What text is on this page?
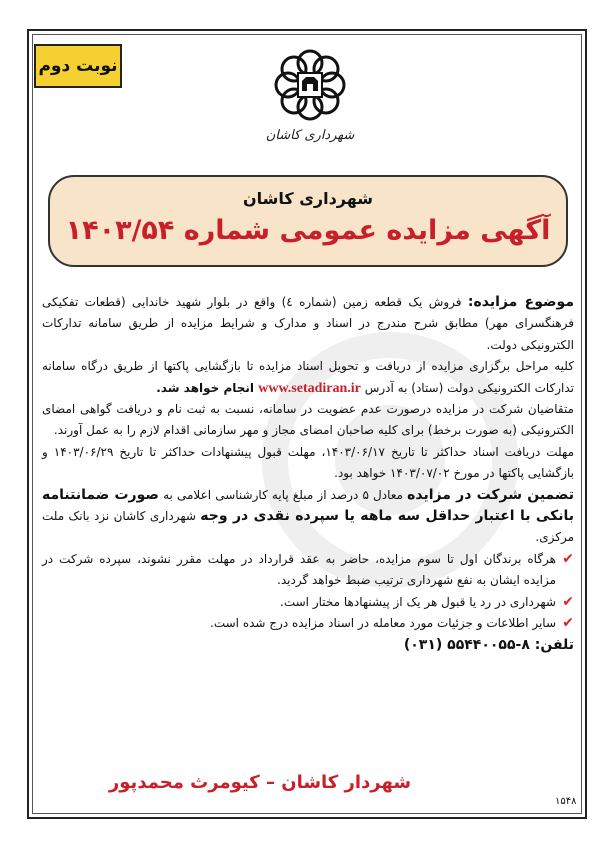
نوبت دوم
شهرداری کاشان
شهرداری کاشان
آگهی مزایده عمومی شماره ۱۴۰۳/۵۴

موضوع مزایده: فروش یک قطعه زمین (شماره ٤) واقع در بلوار شهید خاندایی (قطعات تفکیکی فرهنگسرای مهر) مطابق شرح مندرج در اسناد و مدارک و شرایط مزایده از طریق سامانه تدارکات الکترونیکی دولت.

کلیه مراحل برگزاری مزایده از دریافت و تحویل اسناد مزایده تا بازگشایی پاکتها از طریق درگاه سامانه تدارکات الکترونیکی دولت (ستاد) به آدرس www.setadiran.ir انجام خواهد شد.

متقاضیان شرکت در مزایده درصورت عدم عضویت در سامانه، نسبت به ثبت نام و دریافت گواهی امضای الکترونیکی (به صورت برخط) برای کلیه صاحبان امضای مجاز و مهر سازمانی اقدام لازم را به عمل آورند.

مهلت دریافت اسناد حداکثر تا تاریخ ۱۴۰۳/۰۶/۱۷، مهلت قبول پیشنهادات حداکثر تا تاریخ ۱۴۰۳/۰۶/۲۹ و بازگشایی پاکتها در مورخ ۱۴۰۳/۰۷/۰۲ خواهد بود.

تضمین شرکت در مزایده معادل ۵ درصد از مبلغ پایه کارشناسی اعلامی به صورت ضمانتنامه بانکی با اعتبار حداقل سه ماهه یا سپرده نقدی در وجه شهرداری کاشان نزد بانک ملت مرکزی.

✔
هرگاه برندگان اول تا سوم مزایده، حاضر به عقد قرارداد در مهلت مقرر نشوند، سپرده شرکت در مزایده ایشان به نفع شهرداری ترتیب ضبط خواهد گردید.

✔
شهرداری در رد یا قبول هر یک از پیشنهادها مختار است.

✔
سایر اطلاعات و جزئیات مورد معامله در اسناد مزایده درج شده است.

تلفن: ۸-۵۵۴۴۰۰۵۵ (۰۳۱)

شهردار کاشان – کیومرث محمدپور
۱۵۴۸
